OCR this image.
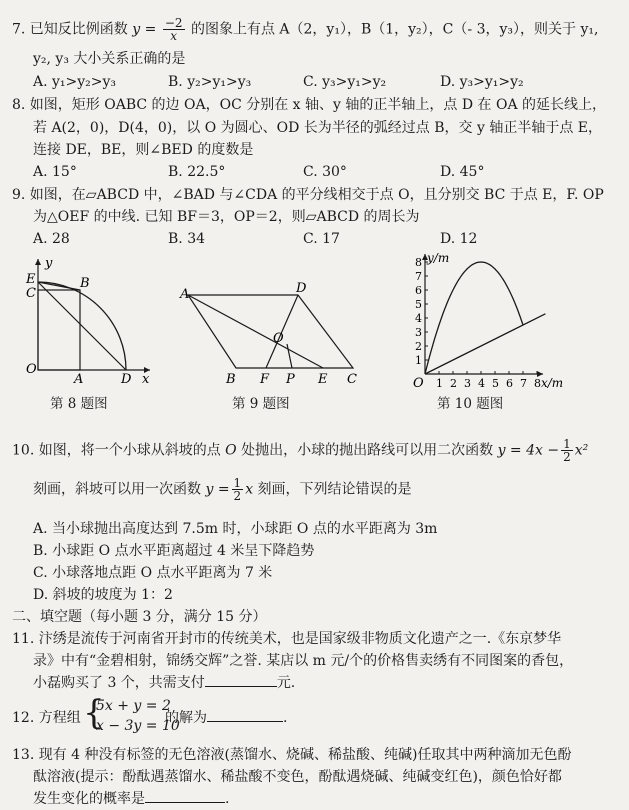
7. 已知反比例函数 $y = \frac{-2}{x}$ 的图象上有点 A（2，y₁），B（1，y₂），C（- 3，y₃），则关于 y₁,
y₂, y₃ 大小关系正确的是
A. y₁>y₂>y₃	B. y₂>y₁>y₃	C. y₃>y₁>y₂	D. y₃>y₁>y₂
8. 如图，矩形 OABC 的边 OA，OC 分别在 x 轴、y 轴的正半轴上，点 D 在 OA 的延长线上，
若 A(2，0)，D(4，0)，以 O 为圆心、OD 长为半径的弧经过点 B，交 y 轴正半轴于点 E，
连接 DE，BE，则∠BED 的度数是
A. 15°	B. 22.5°	C. 30°	D. 45°
9. 如图，在▱ABCD 中，∠BAD 与∠CDA 的平分线相交于点 O，且分别交 BC 于点 E，F. OP
为△OEF 的中线. 已知 BF＝3，OP＝2，则▱ABCD 的周长为
A. 28	B. 34	C. 17	D. 12
E
y
B
C
O
A	D x
第 8 题图
A	D
O
B F P E C
第 9 题图
1 2 3 4 5 6 7 8
1
2
3
4
5
6
7
8 y/m
x/m
O
第 10 题图
10. 如图，将一个小球从斜坡的点 O 处抛出，小球的抛出路线可以用二次函数 $y = 4x - \frac{1}{2} x^2$
刻画，斜坡可以用一次函数 $y = \frac{1}{2}$ x 刻画，下列结论错误的是
A. 当小球抛出高度达到 7.5m 时，小球距 O 点的水平距离为 3m
B. 小球距 O 点水平距离超过 4 米呈下降趋势
C. 小球落地点距 O 点水平距离为 7 米
D. 斜坡的坡度为 1：2
二、填空题（每小题 3 分，满分 15 分）
11. 汴绣是流传于河南省开封市的传统美术，也是国家级非物质文化遗产之一.《东京梦华
录》中有“金碧相射，锦绣交辉”之誉. 某店以 m 元/个的价格售卖绣有不同图案的香包，
小磊购买了 3 个，共需支付	元.
12. 方程组 {
5x + y = 2
x − 3y = 10
的解为	.
13. 现有 4 种没有标签的无色溶液(蒸馏水、烧碱、稀盐酸、纯碱)任取其中两种滴加无色酚
酞溶液(提示：酚酞遇蒸馏水、稀盐酸不变色，酚酞遇烧碱、纯碱变红色)，颜色恰好都
发生变化的概率是	.
